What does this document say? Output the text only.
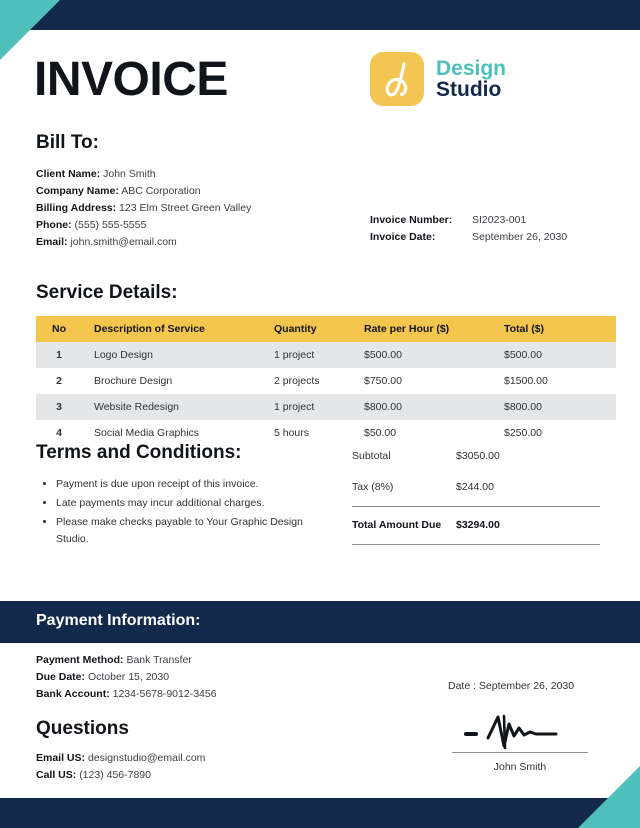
INVOICE	Design
Studio
Bill To:
Client Name: John Smith
Company Name: ABC Corporation
Billing Address: 123 Elm Street Green Valley
Phone: (555) 555-5555
Email: john.smith@email.com
Invoice Number:	SI2023-001
Invoice Date:	September 26, 2030
Service Details:
No	Description of Service	Quantity	Rate per Hour ($)	Total ($)
1	Logo Design	1 project	$500.00	$500.00
2	Brochure Design	2 projects	$750.00	$1500.00
3	Website Redesign	1 project	$800.00	$800.00
4	Social Media Graphics	5 hours	$50.00	$250.00
Terms and Conditions:
• Payment is due upon receipt of this invoice.
• Late payments may incur additional charges.
• Please make checks payable to Your Graphic Design Studio.
Subtotal	$3050.00
Tax (8%)	$244.00
Total Amount Due	$3294.00
Payment Information:
Payment Method: Bank Transfer
Due Date: October 15, 2030
Bank Account: 1234-5678-9012-3456
Date : September 26, 2030
Questions
Email US: designstudio@email.com
Call US: (123) 456-7890
John Smith
